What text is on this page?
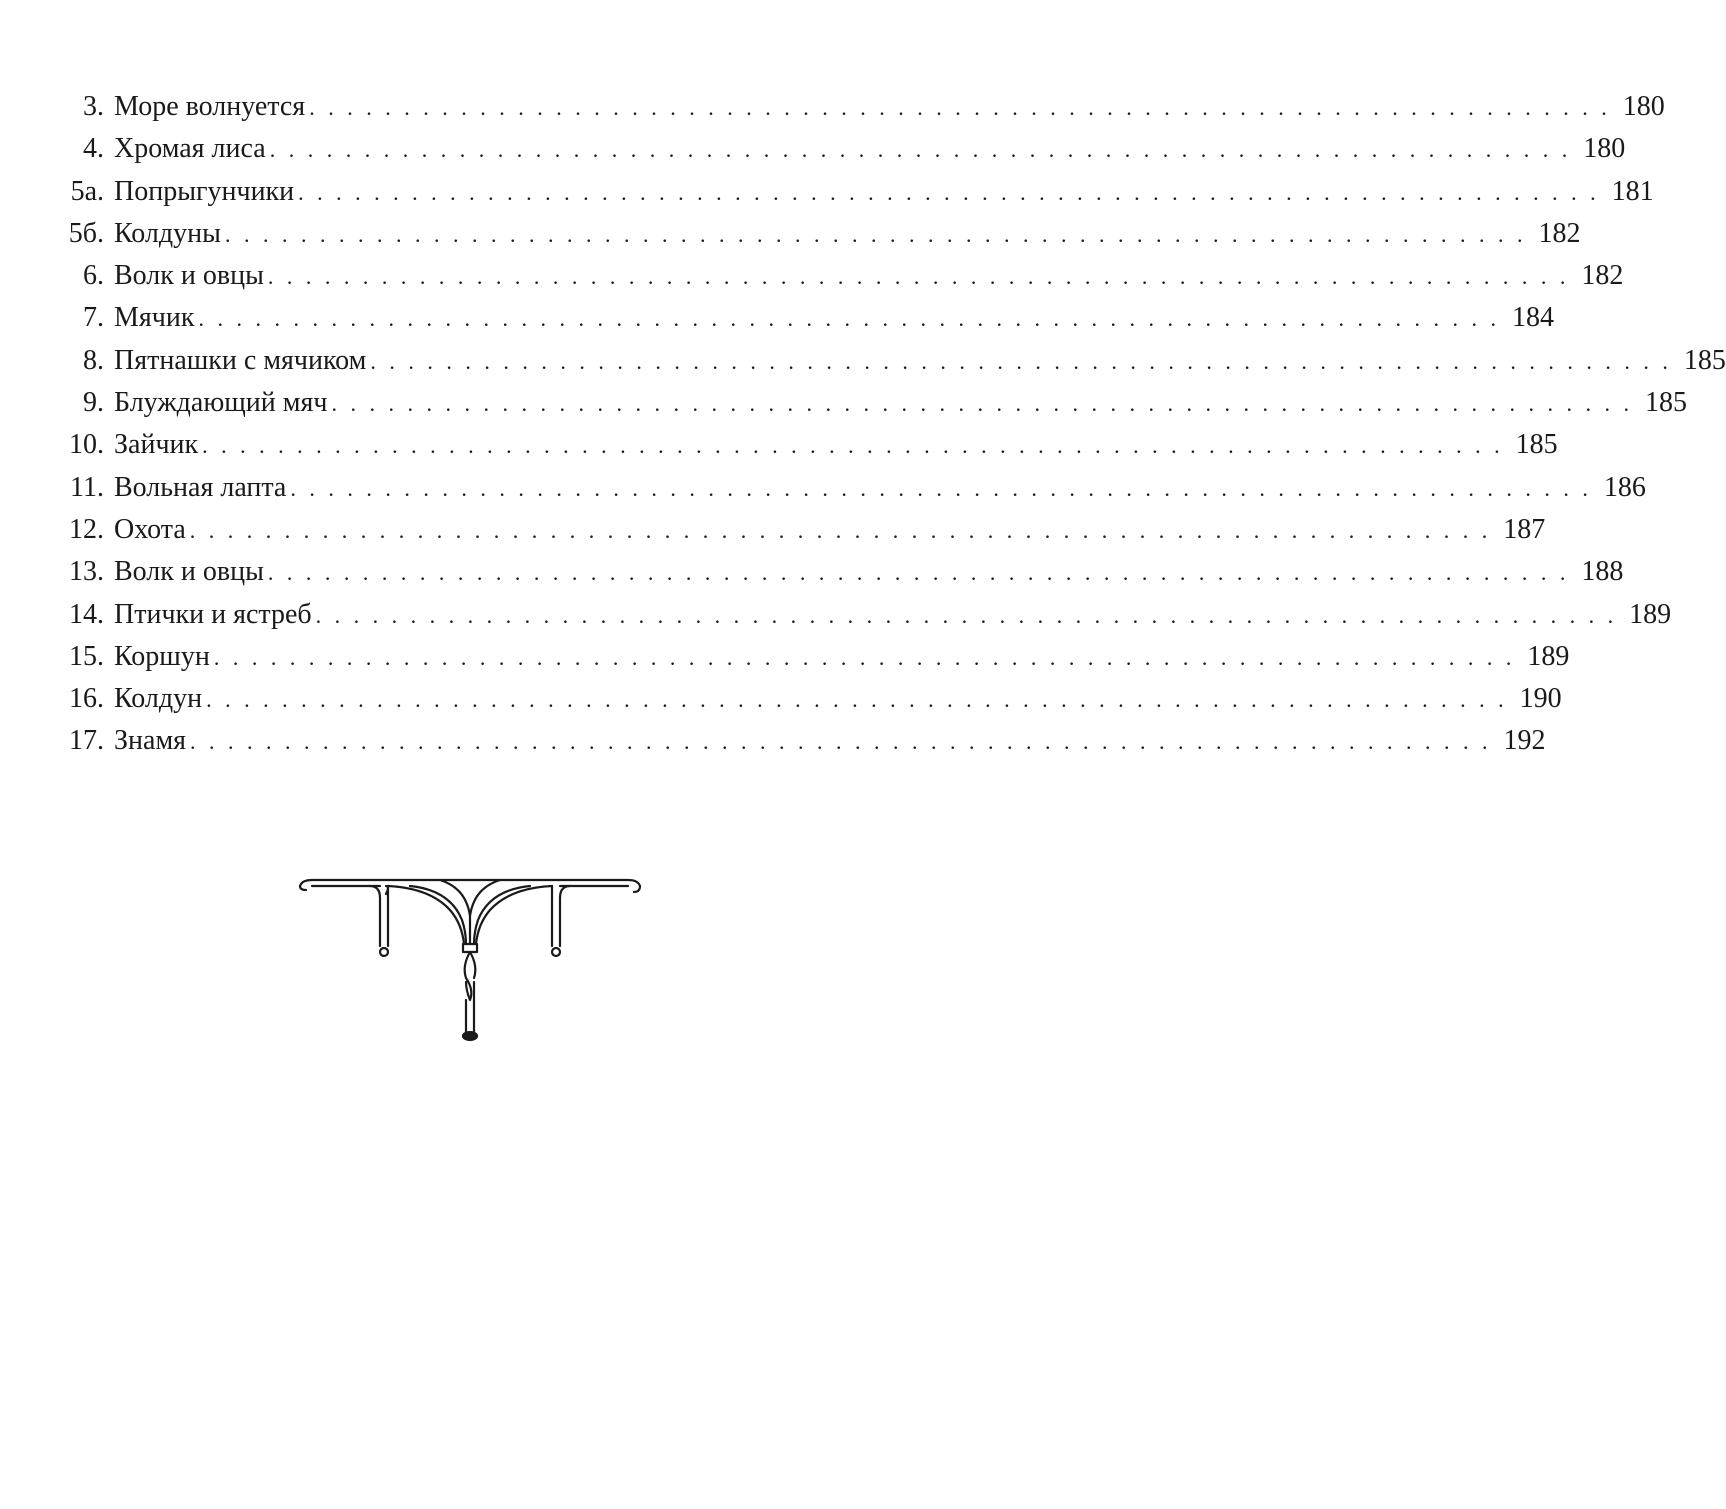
3. Море волнуется . . . . . . . . . . . . . . . . . . . . . . . . . . . . . . . . . . . . . . . . . . . . . . . . . . . . . . . . . . . . . . . . . . . . . 180
4. Хромая лиса . . . . . . . . . . . . . . . . . . . . . . . . . . . . . . . . . . . . . . . . . . . . . . . . . . . . . . . . . . . . . . . . . . . . . 180
5а. Попрыгунчики . . . . . . . . . . . . . . . . . . . . . . . . . . . . . . . . . . . . . . . . . . . . . . . . . . . . . . . . . . . . . . . . . . . . . 181
5б. Колдуны . . . . . . . . . . . . . . . . . . . . . . . . . . . . . . . . . . . . . . . . . . . . . . . . . . . . . . . . . . . . . . . . . . . . . 182
6. Волк и овцы . . . . . . . . . . . . . . . . . . . . . . . . . . . . . . . . . . . . . . . . . . . . . . . . . . . . . . . . . . . . . . . . . . . . . 182
7. Мячик . . . . . . . . . . . . . . . . . . . . . . . . . . . . . . . . . . . . . . . . . . . . . . . . . . . . . . . . . . . . . . . . . . . . . 184
8. Пятнашки с мячиком . . . . . . . . . . . . . . . . . . . . . . . . . . . . . . . . . . . . . . . . . . . . . . . . . . . . . . . . . . . . . . . . . . . . . 185
9. Блуждающий мяч . . . . . . . . . . . . . . . . . . . . . . . . . . . . . . . . . . . . . . . . . . . . . . . . . . . . . . . . . . . . . . . . . . . . . 185
10. Зайчик . . . . . . . . . . . . . . . . . . . . . . . . . . . . . . . . . . . . . . . . . . . . . . . . . . . . . . . . . . . . . . . . . . . . . 185
11. Вольная лапта . . . . . . . . . . . . . . . . . . . . . . . . . . . . . . . . . . . . . . . . . . . . . . . . . . . . . . . . . . . . . . . . . . . . . 186
12. Охота . . . . . . . . . . . . . . . . . . . . . . . . . . . . . . . . . . . . . . . . . . . . . . . . . . . . . . . . . . . . . . . . . . . . . 187
13. Волк и овцы . . . . . . . . . . . . . . . . . . . . . . . . . . . . . . . . . . . . . . . . . . . . . . . . . . . . . . . . . . . . . . . . . . . . . 188
14. Птички и ястреб . . . . . . . . . . . . . . . . . . . . . . . . . . . . . . . . . . . . . . . . . . . . . . . . . . . . . . . . . . . . . . . . . . . . . 189
15. Коршун . . . . . . . . . . . . . . . . . . . . . . . . . . . . . . . . . . . . . . . . . . . . . . . . . . . . . . . . . . . . . . . . . . . . . 189
16. Колдун . . . . . . . . . . . . . . . . . . . . . . . . . . . . . . . . . . . . . . . . . . . . . . . . . . . . . . . . . . . . . . . . . . . . . 190
17. Знамя . . . . . . . . . . . . . . . . . . . . . . . . . . . . . . . . . . . . . . . . . . . . . . . . . . . . . . . . . . . . . . . . . . . . . 192
